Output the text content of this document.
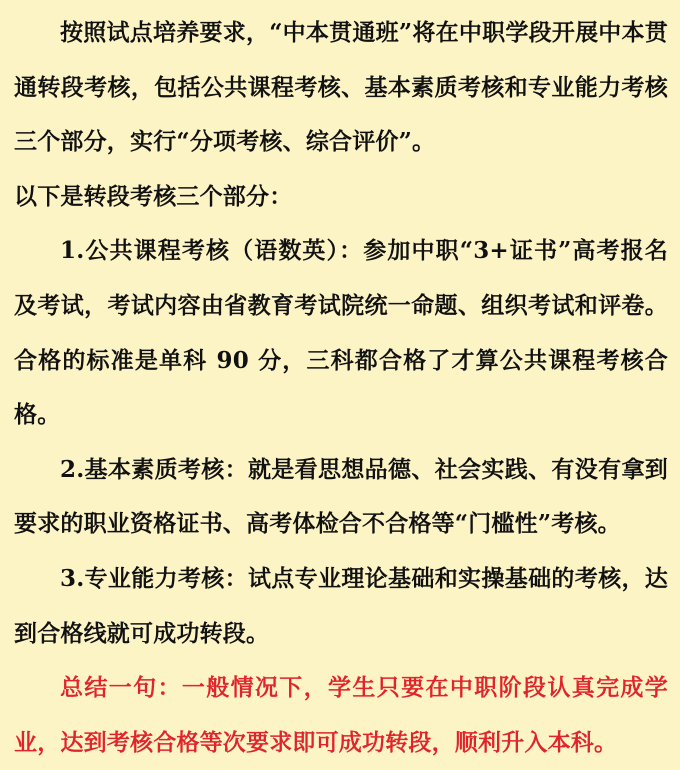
按照试点培养要求，“中本贯通班”将在中职学段开展中本贯通转段考核，包括公共课程考核、基本素质考核和专业能力考核三个部分，实行“分项考核、综合评价”。

以下是转段考核三个部分：

1.公共课程考核（语数英）：参加中职“3+证书”高考报名及考试，考试内容由省教育考试院统一命题、组织考试和评卷。合格的标准是单科 90 分，三科都合格了才算公共课程考核合格。

2.基本素质考核：就是看思想品德、社会实践、有没有拿到要求的职业资格证书、高考体检合不合格等“门槛性”考核。

3.专业能力考核：试点专业理论基础和实操基础的考核，达到合格线就可成功转段。

总结一句：一般情况下，学生只要在中职阶段认真完成学业，达到考核合格等次要求即可成功转段，顺利升入本科。
